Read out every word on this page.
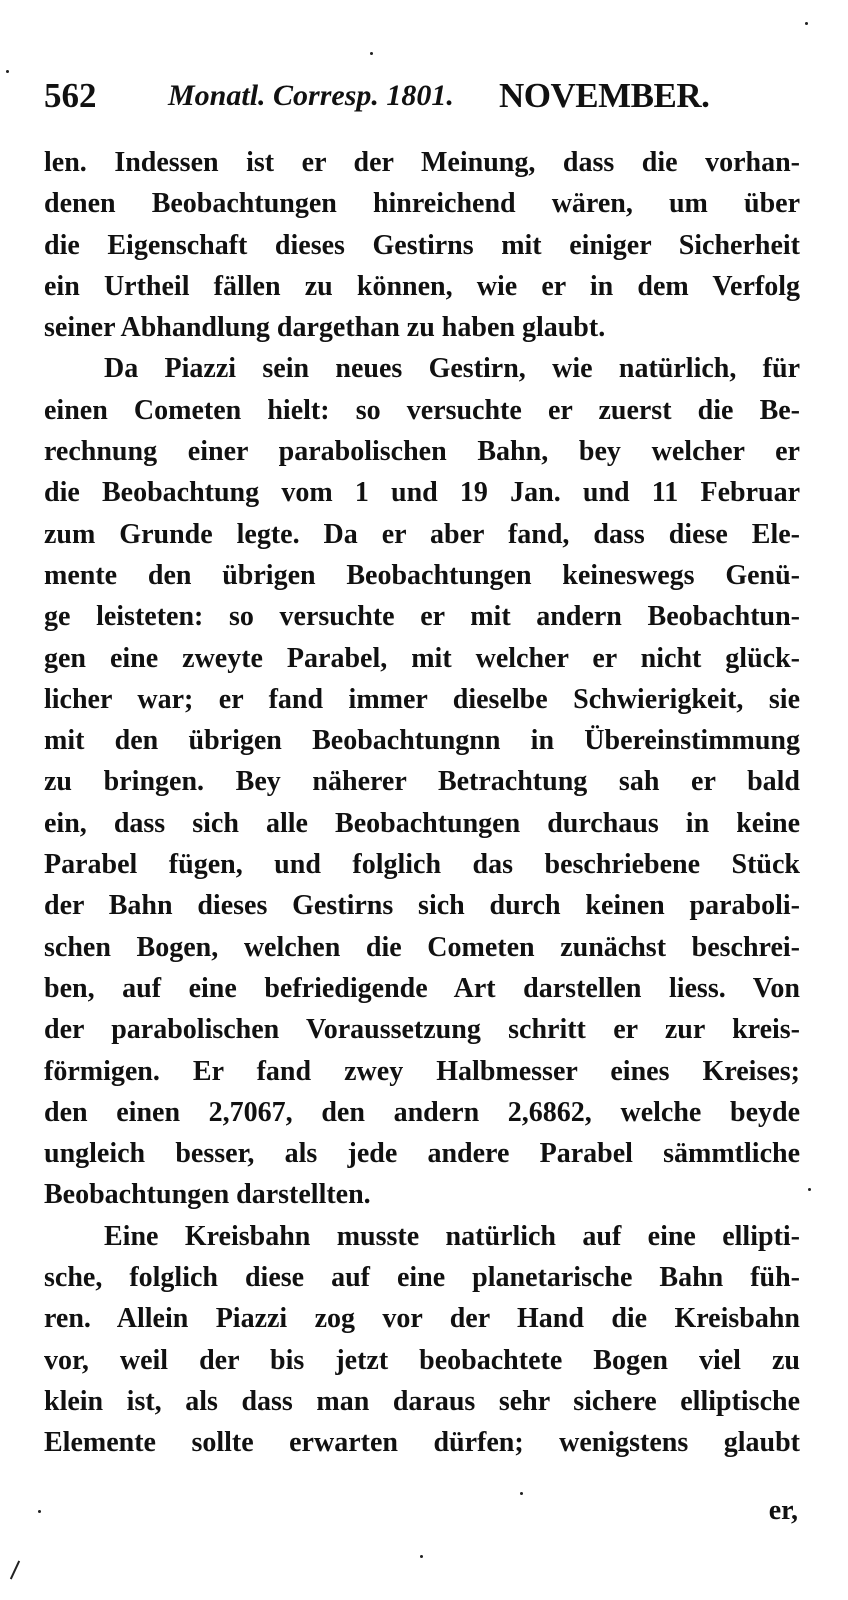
562 Monatl. Corresp. 1801. NOVEMBER.
len. Indessen ist er der Meinung, dass die vorhan-
denen Beobachtungen hinreichend wären, um über
die Eigenschaft dieses Gestirns mit einiger Sicherheit
ein Urtheil fällen zu können, wie er in dem Verfolg
seiner Abhandlung dargethan zu haben glaubt.
Da Piazzi sein neues Gestirn, wie natürlich, für
einen Cometen hielt: so versuchte er zuerst die Be-
rechnung einer parabolischen Bahn, bey welcher er
die Beobachtung vom 1 und 19 Jan. und 11 Februar
zum Grunde legte. Da er aber fand, dass diese Ele-
mente den übrigen Beobachtungen keineswegs Genü-
ge leisteten: so versuchte er mit andern Beobachtun-
gen eine zweyte Parabel, mit welcher er nicht glück-
licher war; er fand immer dieselbe Schwierigkeit, sie
mit den übrigen Beobachtungnn in Übereinstimmung
zu bringen. Bey näherer Betrachtung sah er bald
ein, dass sich alle Beobachtungen durchaus in keine
Parabel fügen, und folglich das beschriebene Stück
der Bahn dieses Gestirns sich durch keinen paraboli-
schen Bogen, welchen die Cometen zunächst beschrei-
ben, auf eine befriedigende Art darstellen liess. Von
der parabolischen Voraussetzung schritt er zur kreis-
förmigen. Er fand zwey Halbmesser eines Kreises;
den einen 2,7067, den andern 2,6862, welche beyde
ungleich besser, als jede andere Parabel sämmtliche
Beobachtungen darstellten.
Eine Kreisbahn musste natürlich auf eine ellipti-
sche, folglich diese auf eine planetarische Bahn füh-
ren. Allein Piazzi zog vor der Hand die Kreisbahn
vor, weil der bis jetzt beobachtete Bogen viel zu
klein ist, als dass man daraus sehr sichere elliptische
Elemente sollte erwarten dürfen; wenigstens glaubt
er,
